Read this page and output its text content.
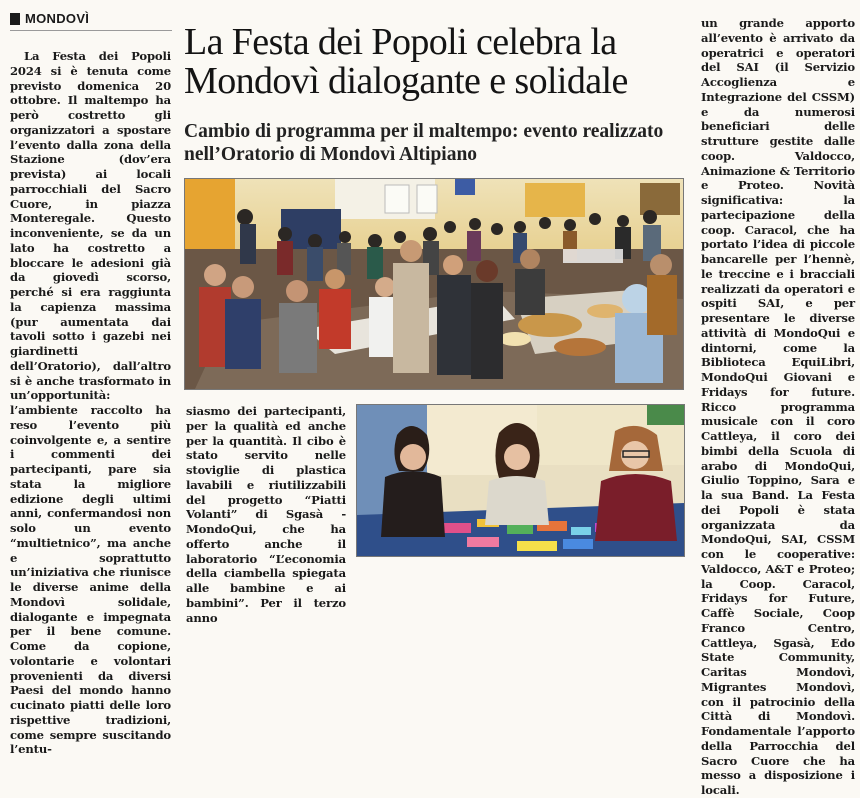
MONDOVÌ

La Festa dei Popoli 2024 si è tenuta come previsto domenica 20 ottobre. Il maltempo ha però costretto gli organizzatori a spostare l’evento dalla zona della Stazione (dov’era prevista) ai locali parrocchiali del Sacro Cuore, in piazza Monteregale. Questo inconveniente, se da un lato ha costretto a bloccare le adesioni già da giovedì scorso, perché si era raggiunta la capienza massima (pur aumentata dai tavoli sotto i gazebi nei giardinetti dell’Oratorio), dall’altro si è anche trasformato in un’opportunità: l’ambiente raccolto ha reso l’evento più coinvolgente e, a sentire i commenti dei partecipanti, pare sia stata la migliore edizione degli ultimi anni, confermandosi non solo un evento “multietnico”, ma anche e soprattutto un’iniziativa che riunisce le diverse anime della Mondovì solidale, dialogante e impegnata per il bene comune. Come da copione, volontarie e volontari provenienti da diversi Paesi del mondo hanno cucinato piatti delle loro rispettive tradizioni, come sempre suscitando l’entu-

La Festa dei Popoli celebra la Mondovì dialogante e solidale
Cambio di programma per il maltempo: evento realizzato nell’Oratorio di Mondovì Altipiano

siasmo dei partecipanti, per la qualità ed anche per la quantità. Il cibo è stato servito nelle stoviglie di plastica lavabili e riutilizzabili del progetto “Piatti Volanti” di Sgasà - MondoQui, che ha offerto anche il laboratorio “L’economia della ciambella spiegata alle bambine e ai bambini”. Per il terzo anno

un grande apporto all’evento è arrivato da operatrici e operatori del SAI (il Servizio Accoglienza e Integrazione del CSSM) e da numerosi beneficiari delle strutture gestite dalle coop. Valdocco, Animazione & Territorio e Proteo. Novità significativa: la partecipazione della coop. Caracol, che ha portato l’idea di piccole bancarelle per l’hennè, le treccine e i bracciali realizzati da operatori e ospiti SAI, e per presentare le diverse attività di MondoQui e dintorni, come la Biblioteca EquiLibri, MondoQui Giovani e Fridays for future. Ricco programma musicale con il coro Cattleya, il coro dei bimbi della Scuola di arabo di MondoQui, Giulio Toppino, Sara e la sua Band. La Festa dei Popoli è stata organizzata da MondoQui, SAI, CSSM con le cooperative: Valdocco, A&T e Proteo; la Coop. Caracol, Fridays for Future, Caffè Sociale, Coop Franco Centro, Cattleya, Sgasà, Edo State Community, Caritas Mondovì, Migrantes Mondovì, con il patrocinio della Città di Mondovì. Fondamentale l’apporto della Parrocchia del Sacro Cuore che ha messo a disposizione i locali.
